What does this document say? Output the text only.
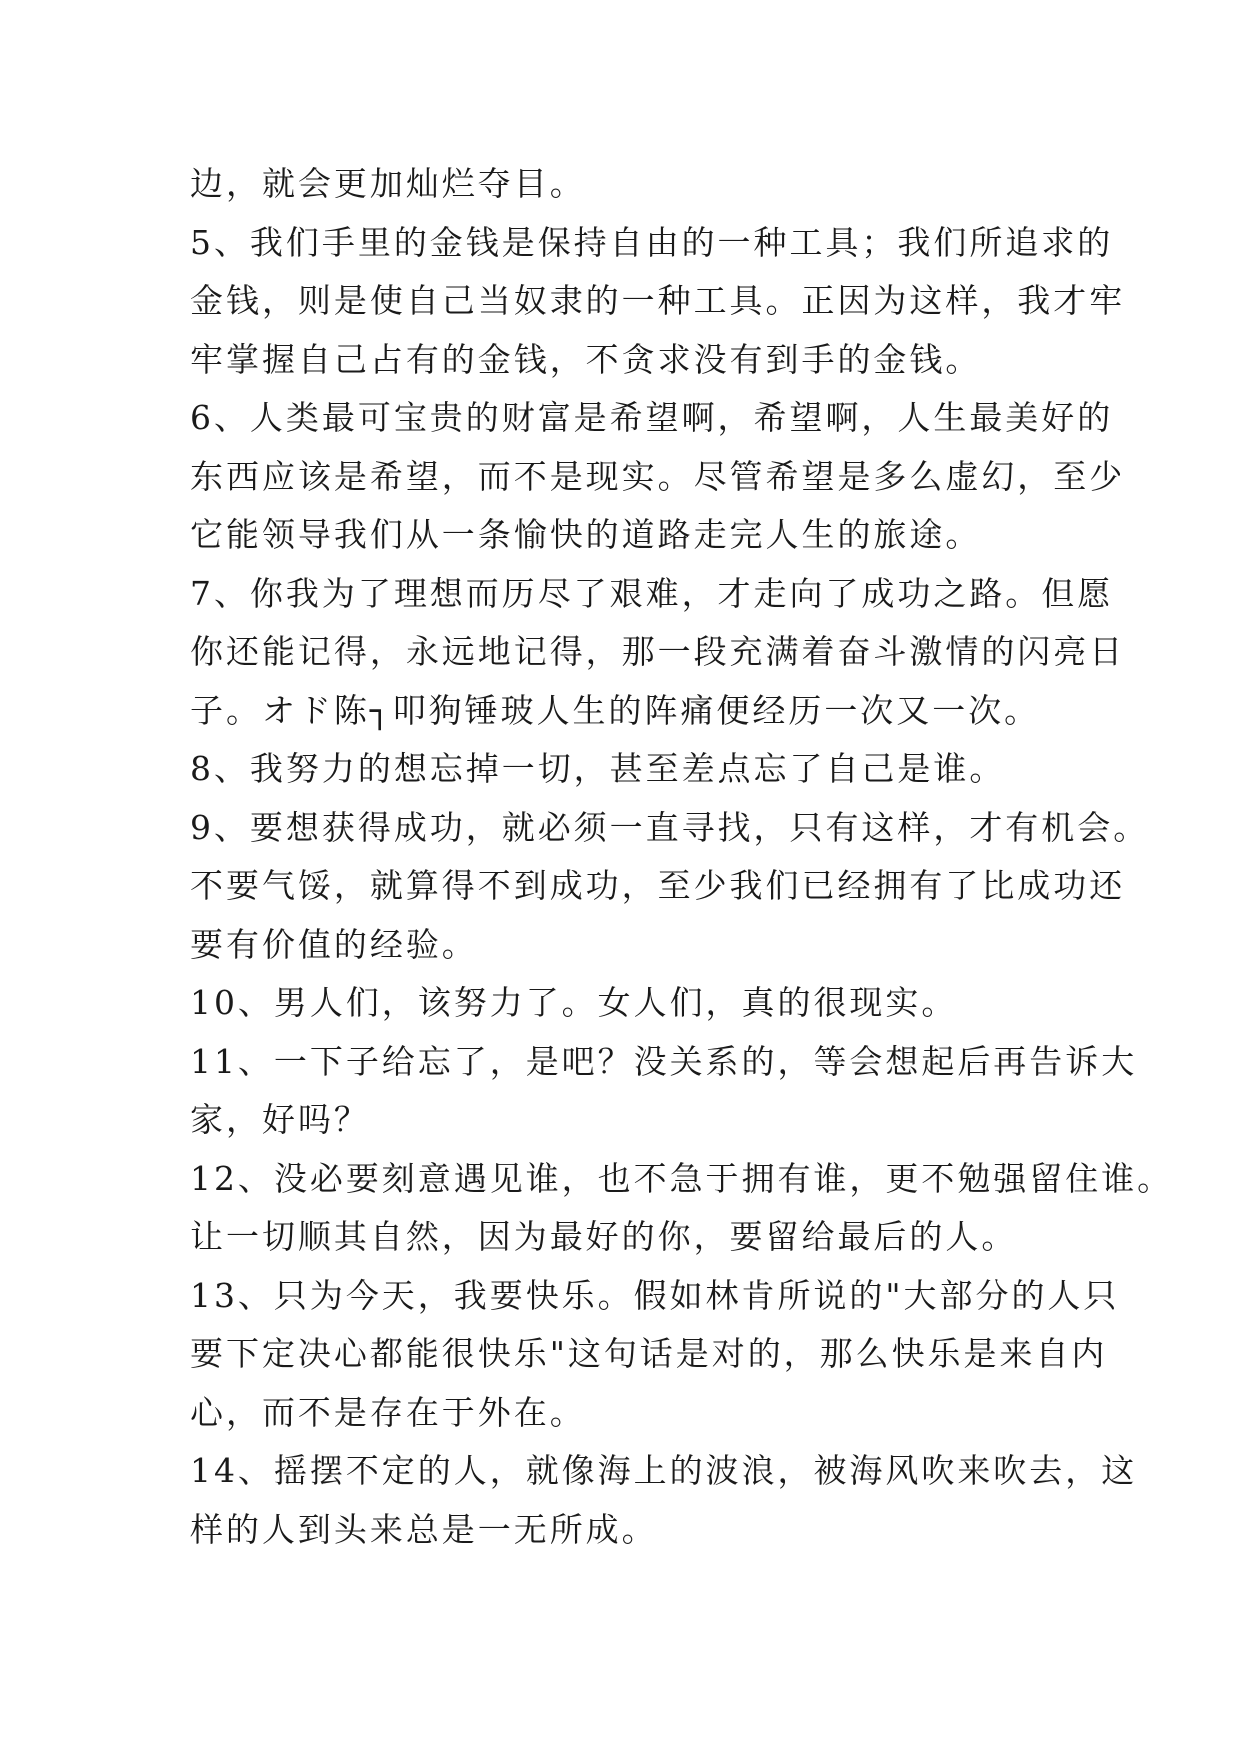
边，就会更加灿烂夺目。
5、我们手里的金钱是保持自由的一种工具；我们所追求的
金钱，则是使自己当奴隶的一种工具。正因为这样，我才牢
牢掌握自己占有的金钱，不贪求没有到手的金钱。
6、人类最可宝贵的财富是希望啊，希望啊，人生最美好的
东西应该是希望，而不是现实。尽管希望是多么虚幻，至少
它能领导我们从一条愉快的道路走完人生的旅途。
7、你我为了理想而历尽了艰难，才走向了成功之路。但愿
你还能记得，永远地记得，那一段充满着奋斗激情的闪亮日
子。オド陈┐叩狗锤玻人生的阵痛便经历一次又一次。
8、我努力的想忘掉一切，甚至差点忘了自己是谁。
9、要想获得成功，就必须一直寻找，只有这样，才有机会。
不要气馁，就算得不到成功，至少我们已经拥有了比成功还
要有价值的经验。
10、男人们，该努力了。女人们，真的很现实。
11、一下子给忘了，是吧？没关系的，等会想起后再告诉大
家，好吗？
12、没必要刻意遇见谁，也不急于拥有谁，更不勉强留住谁。
让一切顺其自然，因为最好的你，要留给最后的人。
13、只为今天，我要快乐。假如林肯所说的"大部分的人只
要下定决心都能很快乐"这句话是对的，那么快乐是来自内
心，而不是存在于外在。
14、摇摆不定的人，就像海上的波浪，被海风吹来吹去，这
样的人到头来总是一无所成。
